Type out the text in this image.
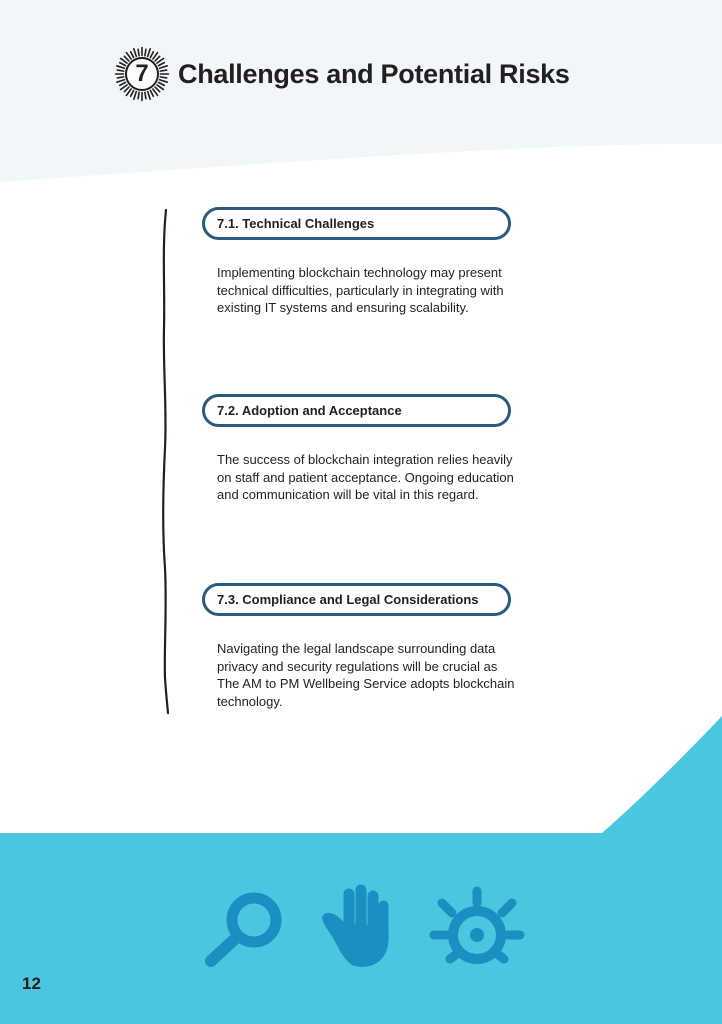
7	Challenges and Potential Risks
7.1. Technical Challenges
Implementing blockchain technology may present technical difficulties, particularly in integrating with existing IT systems and ensuring scalability.
7.2. Adoption and Acceptance
The success of blockchain integration relies heavily on staff and patient acceptance. Ongoing education and communication will be vital in this regard.
7.3. Compliance and Legal Considerations
Navigating the legal landscape surrounding data privacy and security regulations will be crucial as The AM to PM Wellbeing Service adopts blockchain technology.
12
